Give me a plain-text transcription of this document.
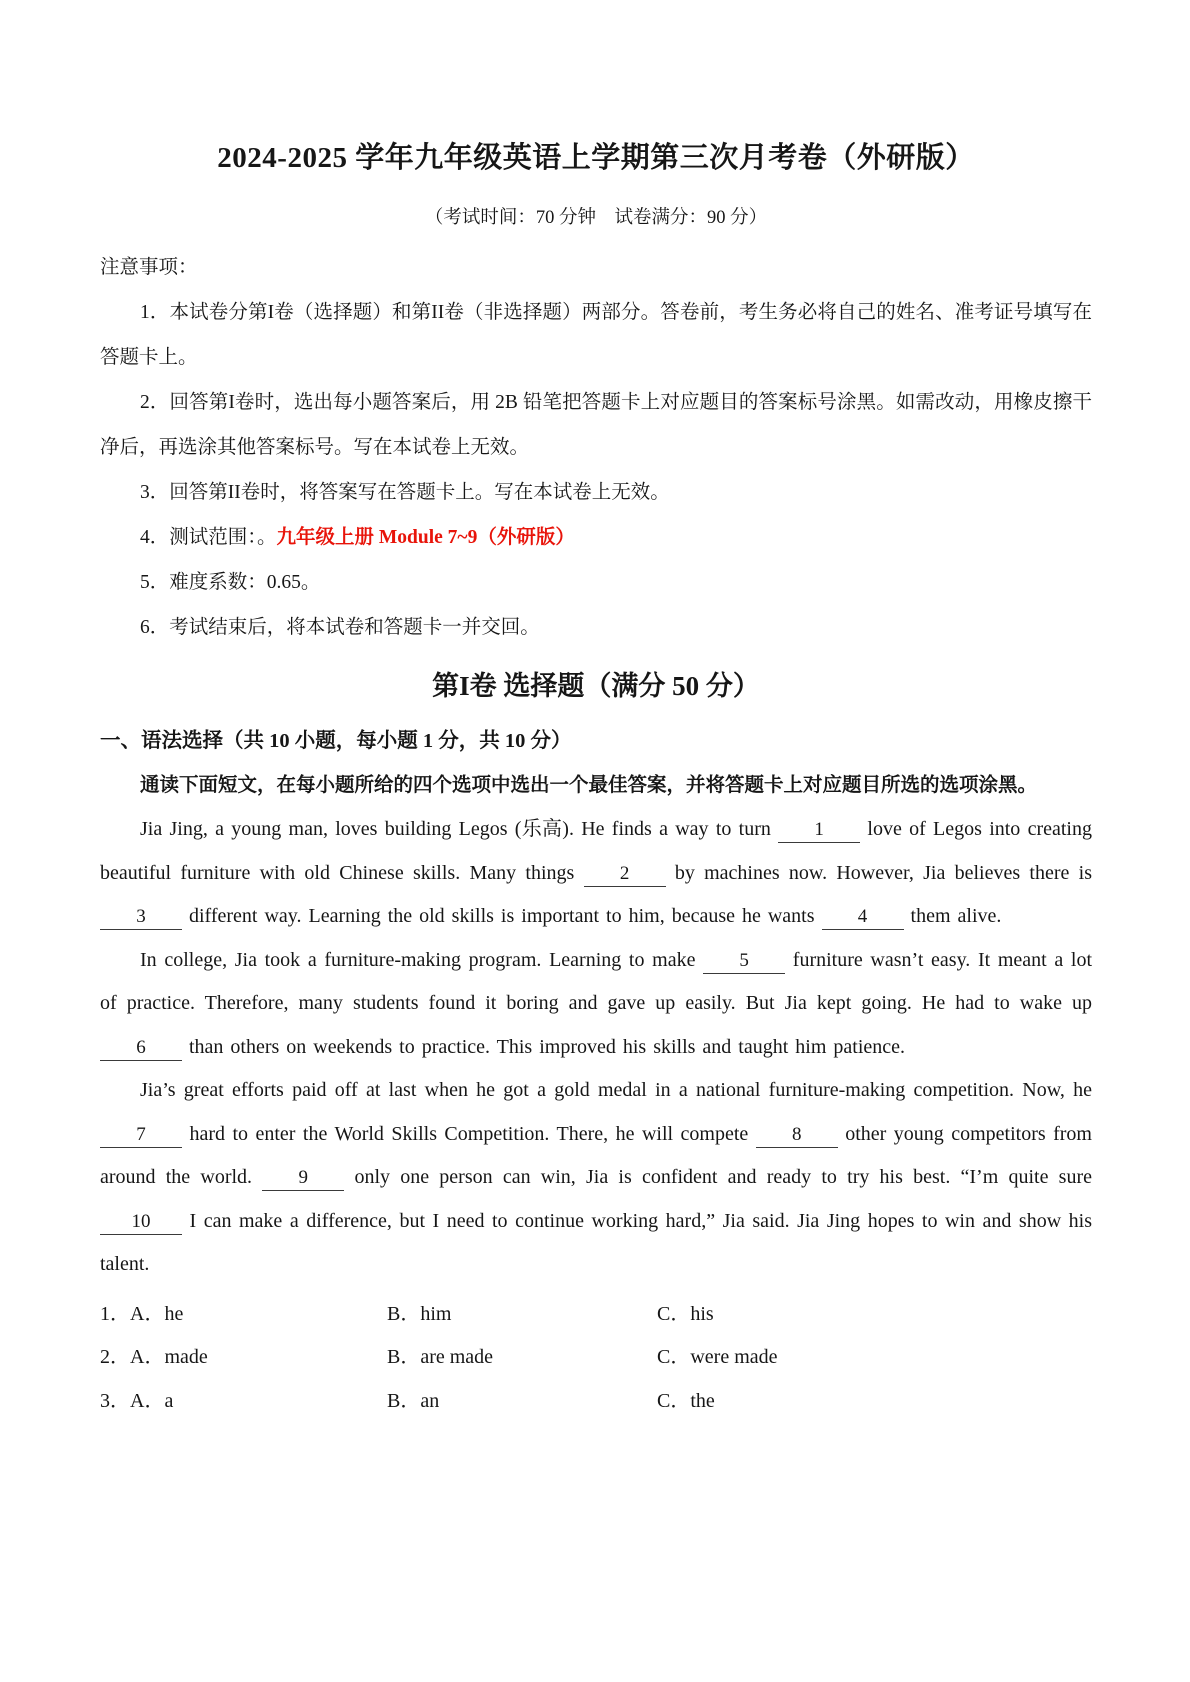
2024-2025 学年九年级英语上学期第三次月考卷（外研版）
（考试时间：70 分钟　试卷满分：90 分）
注意事项：

1．本试卷分第I卷（选择题）和第II卷（非选择题）两部分。答卷前，考生务必将自己的姓名、准考证号填写在答题卡上。

2．回答第I卷时，选出每小题答案后，用 2B 铅笔把答题卡上对应题目的答案标号涂黑。如需改动，用橡皮擦干净后，再选涂其他答案标号。写在本试卷上无效。

3．回答第II卷时，将答案写在答题卡上。写在本试卷上无效。

4．测试范围：。九年级上册 Module 7~9（外研版）

5．难度系数：0.65。

6．考试结束后，将本试卷和答题卡一并交回。

第I卷 选择题（满分 50 分）
一、语法选择（共 10 小题，每小题 1 分，共 10 分）

通读下面短文，在每小题所给的四个选项中选出一个最佳答案，并将答题卡上对应题目所选的选项涂黑。

Jia Jing, a young man, loves building Legos (乐高). He finds a way to turn 1 love of Legos into creating beautiful furniture with old Chinese skills. Many things 2 by machines now. However, Jia believes there is 3 different way. Learning the old skills is important to him, because he wants 4 them alive.

In college, Jia took a furniture-making program. Learning to make 5 furniture wasn’t easy. It meant a lot of practice. Therefore, many students found it boring and gave up easily. But Jia kept going. He had to wake up 6 than others on weekends to practice. This improved his skills and taught him patience.

Jia’s great efforts paid off at last when he got a gold medal in a national furniture-making competition. Now, he 7 hard to enter the World Skills Competition. There, he will compete 8 other young competitors from around the world. 9 only one person can win, Jia is confident and ready to try his best. “I’m quite sure 10 I can make a difference, but I need to continue working hard,” Jia said. Jia Jing hopes to win and show his talent.

1．A．he	B．him	C．his
2．A．made	B．are made	C．were made
3．A．a	B．an	C．the
